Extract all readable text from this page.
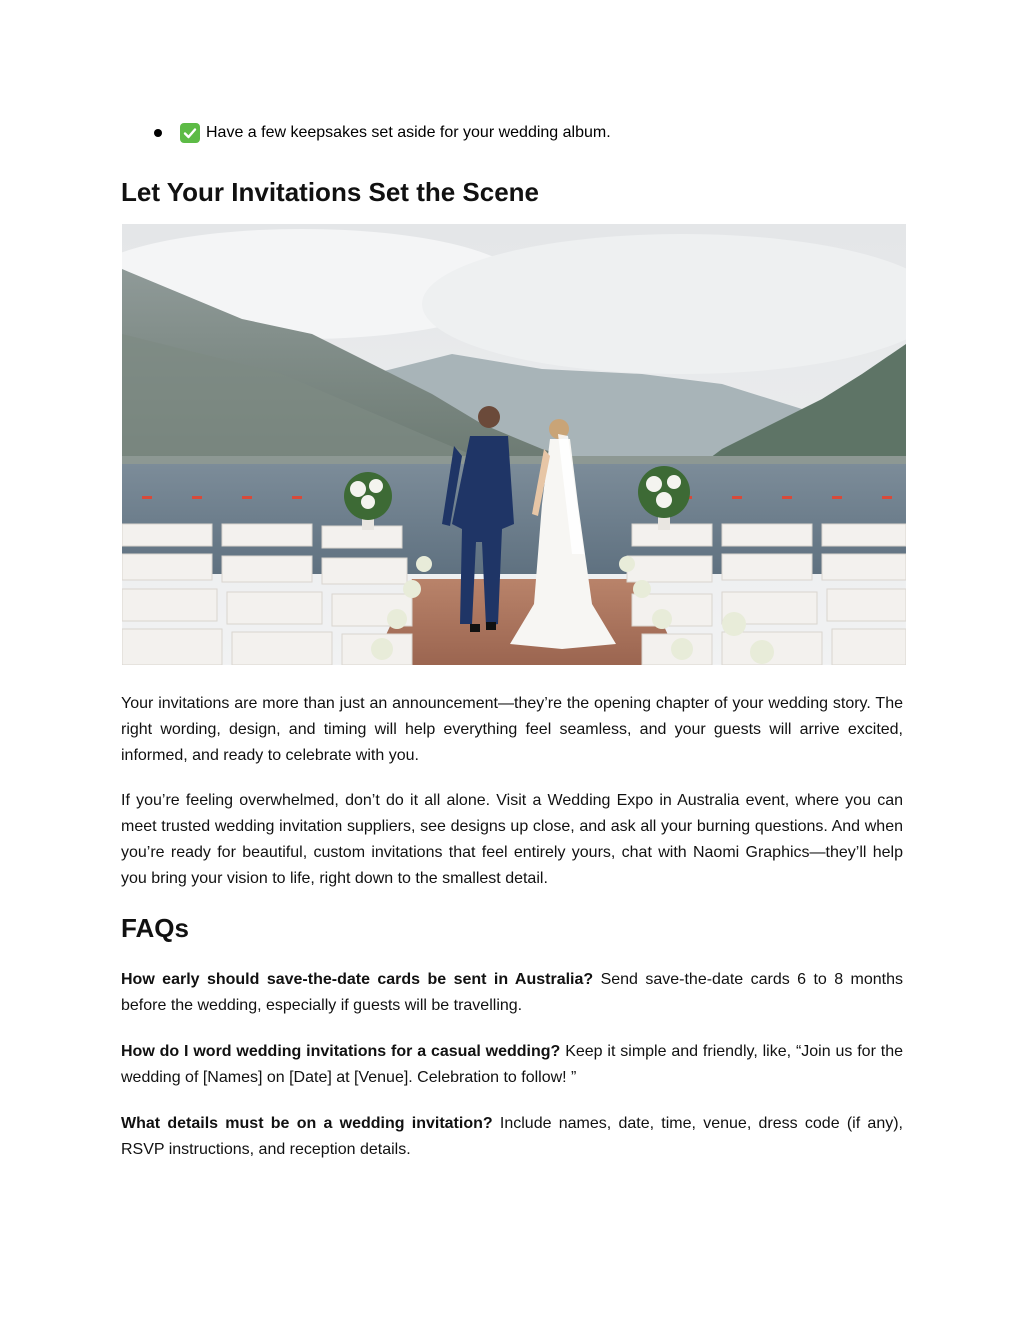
Have a few keepsakes set aside for your wedding album.
Let Your Invitations Set the Scene

Your invitations are more than just an announcement—they’re the opening chapter of your wedding story. The right wording, design, and timing will help everything feel seamless, and your guests will arrive excited, informed, and ready to celebrate with you.

If you’re feeling overwhelmed, don’t do it all alone. Visit a Wedding Expo in Australia event, where you can meet trusted wedding invitation suppliers, see designs up close, and ask all your burning questions. And when you’re ready for beautiful, custom invitations that feel entirely yours, chat with Naomi Graphics—they’ll help you bring your vision to life, right down to the smallest detail.

FAQs

How early should save-the-date cards be sent in Australia? Send save-the-date cards 6 to 8 months before the wedding, especially if guests will be travelling.

How do I word wedding invitations for a casual wedding? Keep it simple and friendly, like, “Join us for the wedding of [Names] on [Date] at [Venue]. Celebration to follow! ”

What details must be on a wedding invitation? Include names, date, time, venue, dress code (if any), RSVP instructions, and reception details.
